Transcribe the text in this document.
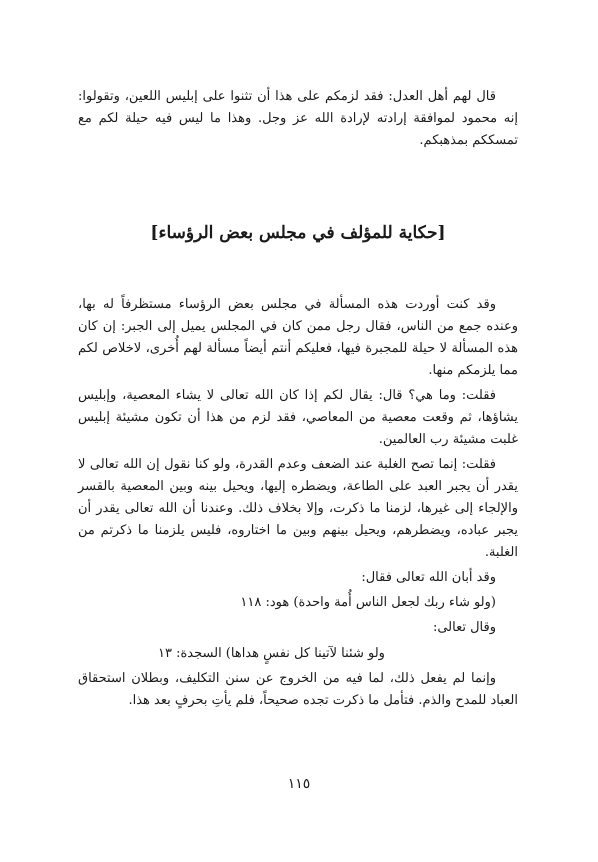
قال لهم أهل العدل: فقد لزمكم على هذا أن تثنوا على إبليس اللعين، وتقولوا: إنه محمود لموافقة إرادته لإرادة الله عز وجل. وهذا ما ليس فيه حيلة لكم مع تمسككم بمذهبكم.

[حكاية للمؤلف في مجلس بعض الرؤساء]

وقد كنت أوردت هذه المسألة في مجلس بعض الرؤساء مستظرفاً له بها، وعنده جمع من الناس، فقال رجل ممن كان في المجلس يميل إلى الجبر: إن كان هذه المسألة لا حيلة للمجبرة فيها، فعليكم أنتم أيضاً مسألة لهم أُخرى، لاخلاص لكم مما يلزمكم منها.

فقلت: وما هي؟ قال: يقال لكم إذا كان الله تعالى لا يشاء المعصية، وإبليس يشاؤها، ثم وقعت معصية من المعاصي، فقد لزم من هذا أن تكون مشيئة إبليس غلبت مشيئة رب العالمين.

فقلت: إنما تصح الغلبة عند الضعف وعدم القدرة، ولو كنا نقول إن الله تعالى لا يقدر أن يجبر العبد على الطاعة، ويضطره إليها، ويحيل بينه وبين المعصية بالقسر والإلجاء إلى غيرها، لزمنا ما ذكرت، وإلا بخلاف ذلك. وعندنا أن الله تعالى يقدر أن يجبر عباده، ويضطرهم، ويحيل بينهم وبين ما اختاروه، فليس يلزمنا ما ذكرتم من الغلبة.

وقد أبان الله تعالى فقال:

(ولو شاء ربك لجعل الناس أُمة واحدة) هود: ١١٨

وقال تعالى:

ولو شئنا لآتينا كل نفسٍ هداها) السجدة: ١٣

وإنما لم يفعل ذلك، لما فيه من الخروج عن سنن التكليف، وبطلان استحقاق العباد للمدح والذم. فتأمل ما ذكرت تجده صحيحاً، فلم يأتِ بحرفٍ بعد هذا.

١١٥
